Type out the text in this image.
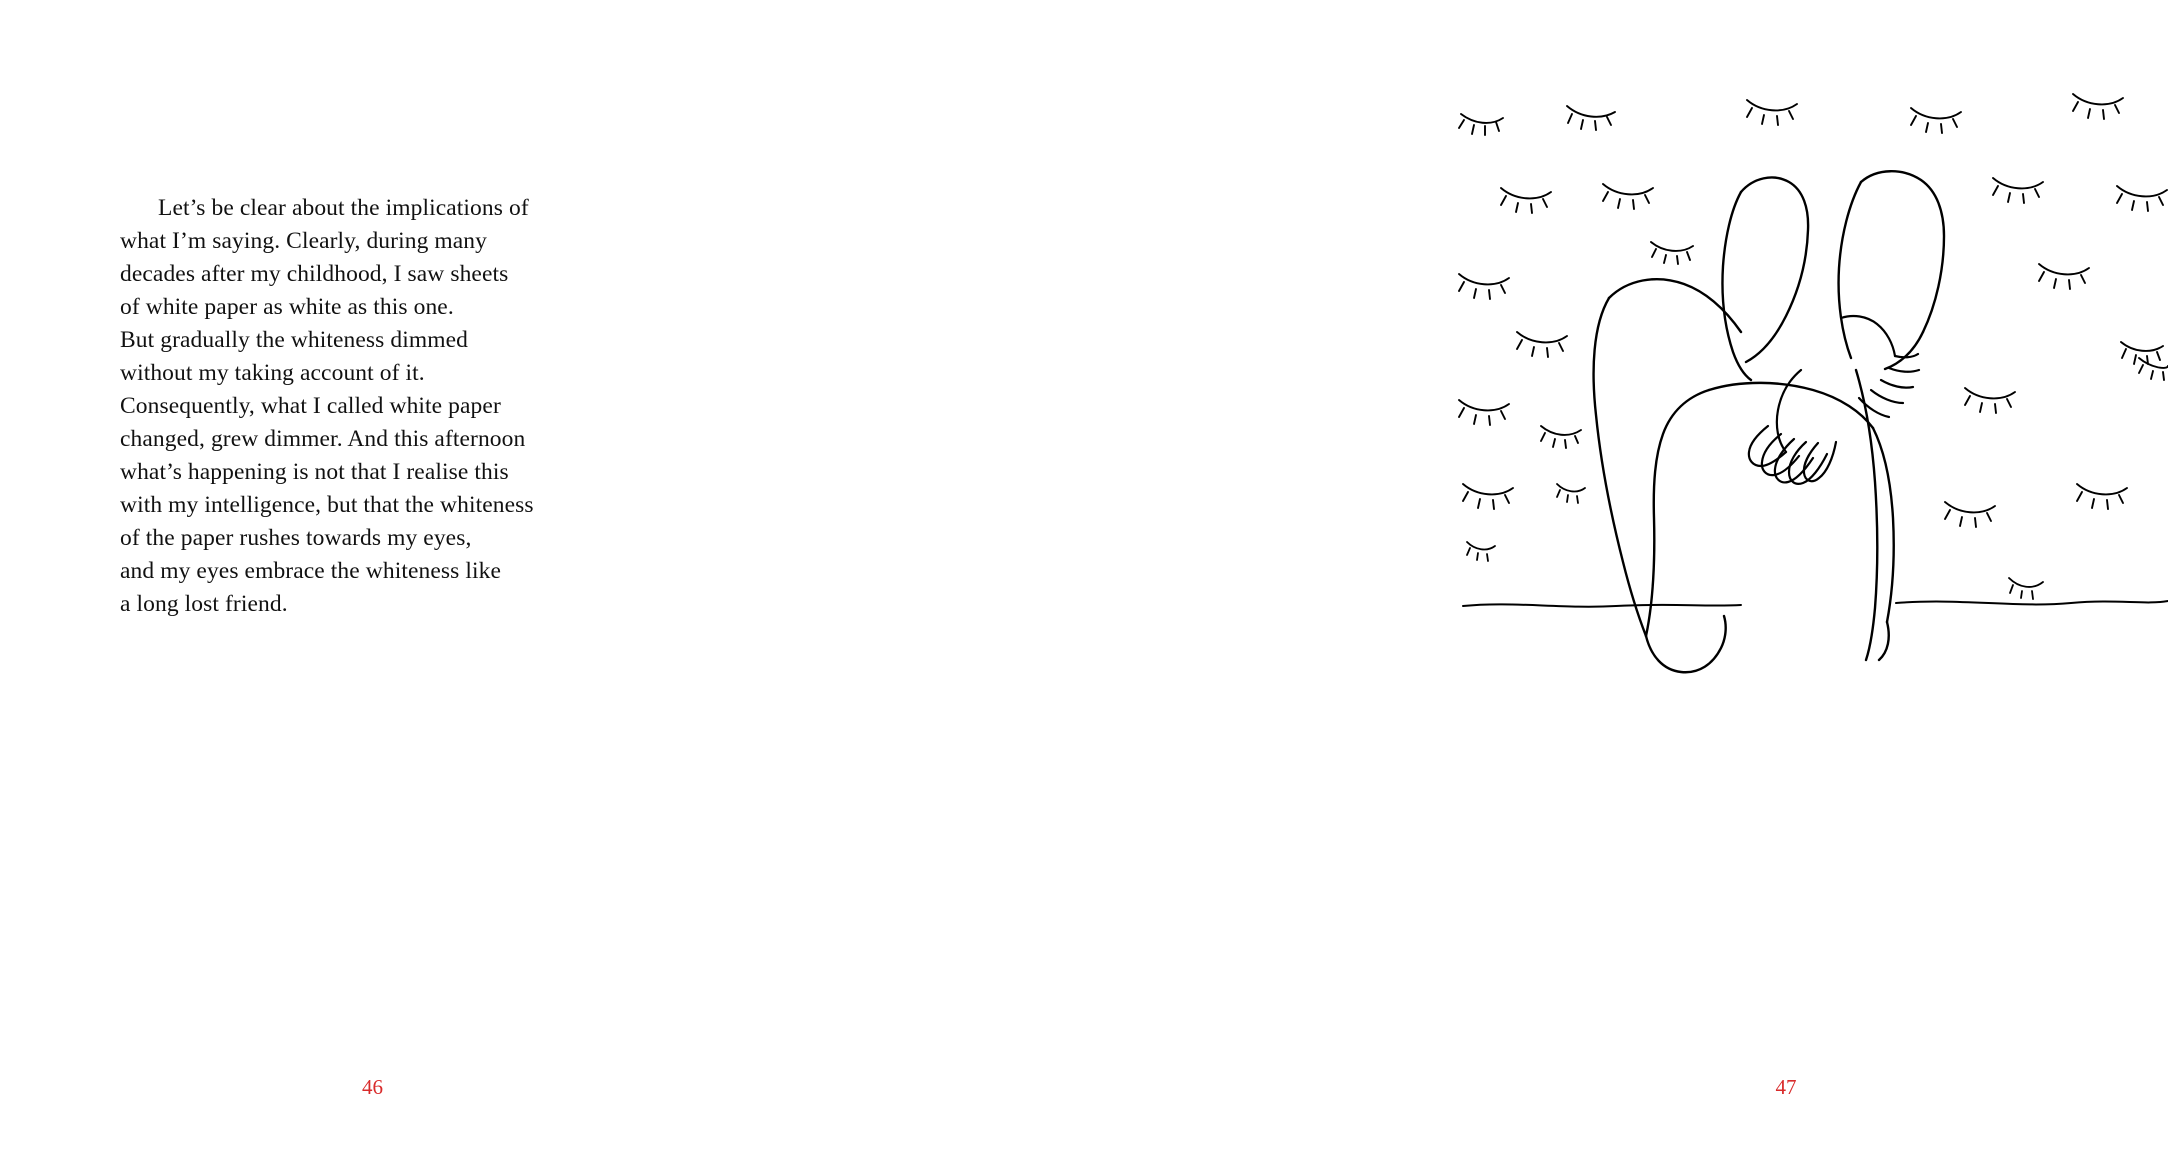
Let’s be clear about the implications of

what I’m saying. Clearly, during many

decades after my childhood, I saw sheets

of white paper as white as this one.

But gradually the whiteness dimmed

without my taking account of it.

Consequently, what I called white paper

changed, grew dimmer. And this afternoon

what’s happening is not that I realise this

with my intelligence, but that the whiteness

of the paper rushes towards my eyes,

and my eyes embrace the whiteness like

a long lost friend.

46	47
